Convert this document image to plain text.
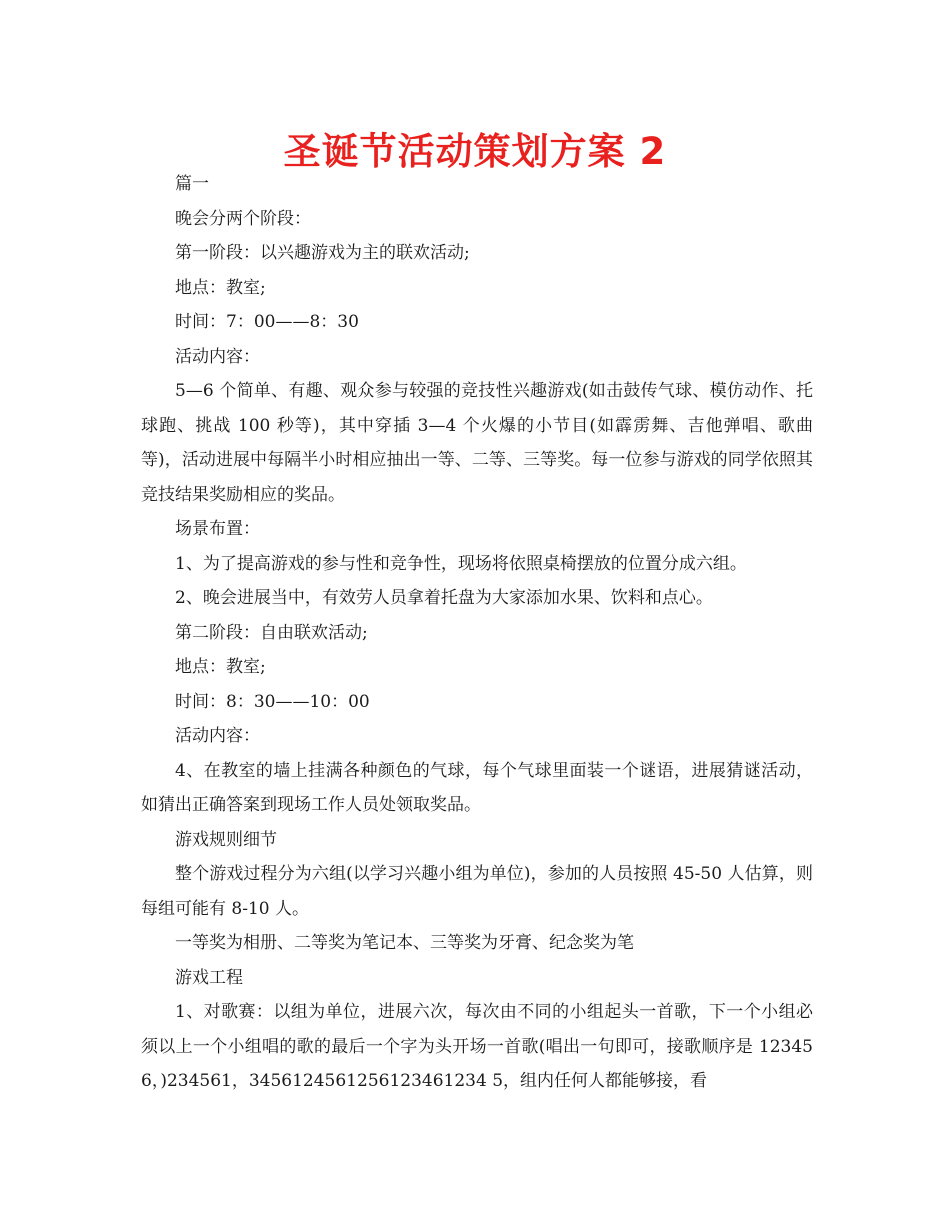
圣诞节活动策划方案 2

篇一

晚会分两个阶段：

第一阶段：以兴趣游戏为主的联欢活动;

地点：教室;

时间：7：00——8：30

活动内容：

5—6 个简单、有趣、观众参与较强的竞技性兴趣游戏(如击鼓传气球、模仿动作、托球跑、挑战 100 秒等)，其中穿插 3—4 个火爆的小节目(如霹雳舞、吉他弹唱、歌曲等)，活动进展中每隔半小时相应抽出一等、二等、三等奖。每一位参与游戏的同学依照其竞技结果奖励相应的奖品。

场景布置：

1、为了提高游戏的参与性和竞争性，现场将依照桌椅摆放的位置分成六组。

2、晚会进展当中，有效劳人员拿着托盘为大家添加水果、饮料和点心。

第二阶段：自由联欢活动;

地点：教室;

时间：8：30——10：00

活动内容：

4、在教室的墙上挂满各种颜色的气球，每个气球里面装一个谜语，进展猜谜活动，如猜出正确答案到现场工作人员处领取奖品。

游戏规则细节

整个游戏过程分为六组(以学习兴趣小组为单位)，参加的人员按照 45-50 人估算，则每组可能有 8-10 人。

一等奖为相册、二等奖为笔记本、三等奖为牙膏、纪念奖为笔

游戏工程

1、对歌赛：以组为单位，进展六次，每次由不同的小组起头一首歌，下一个小组必须以上一个小组唱的歌的最后一个字为头开场一首歌(唱出一句即可，接歌顺序是 123456，)234561，3456124561256123461234 5，组内任何人都能够接，看
